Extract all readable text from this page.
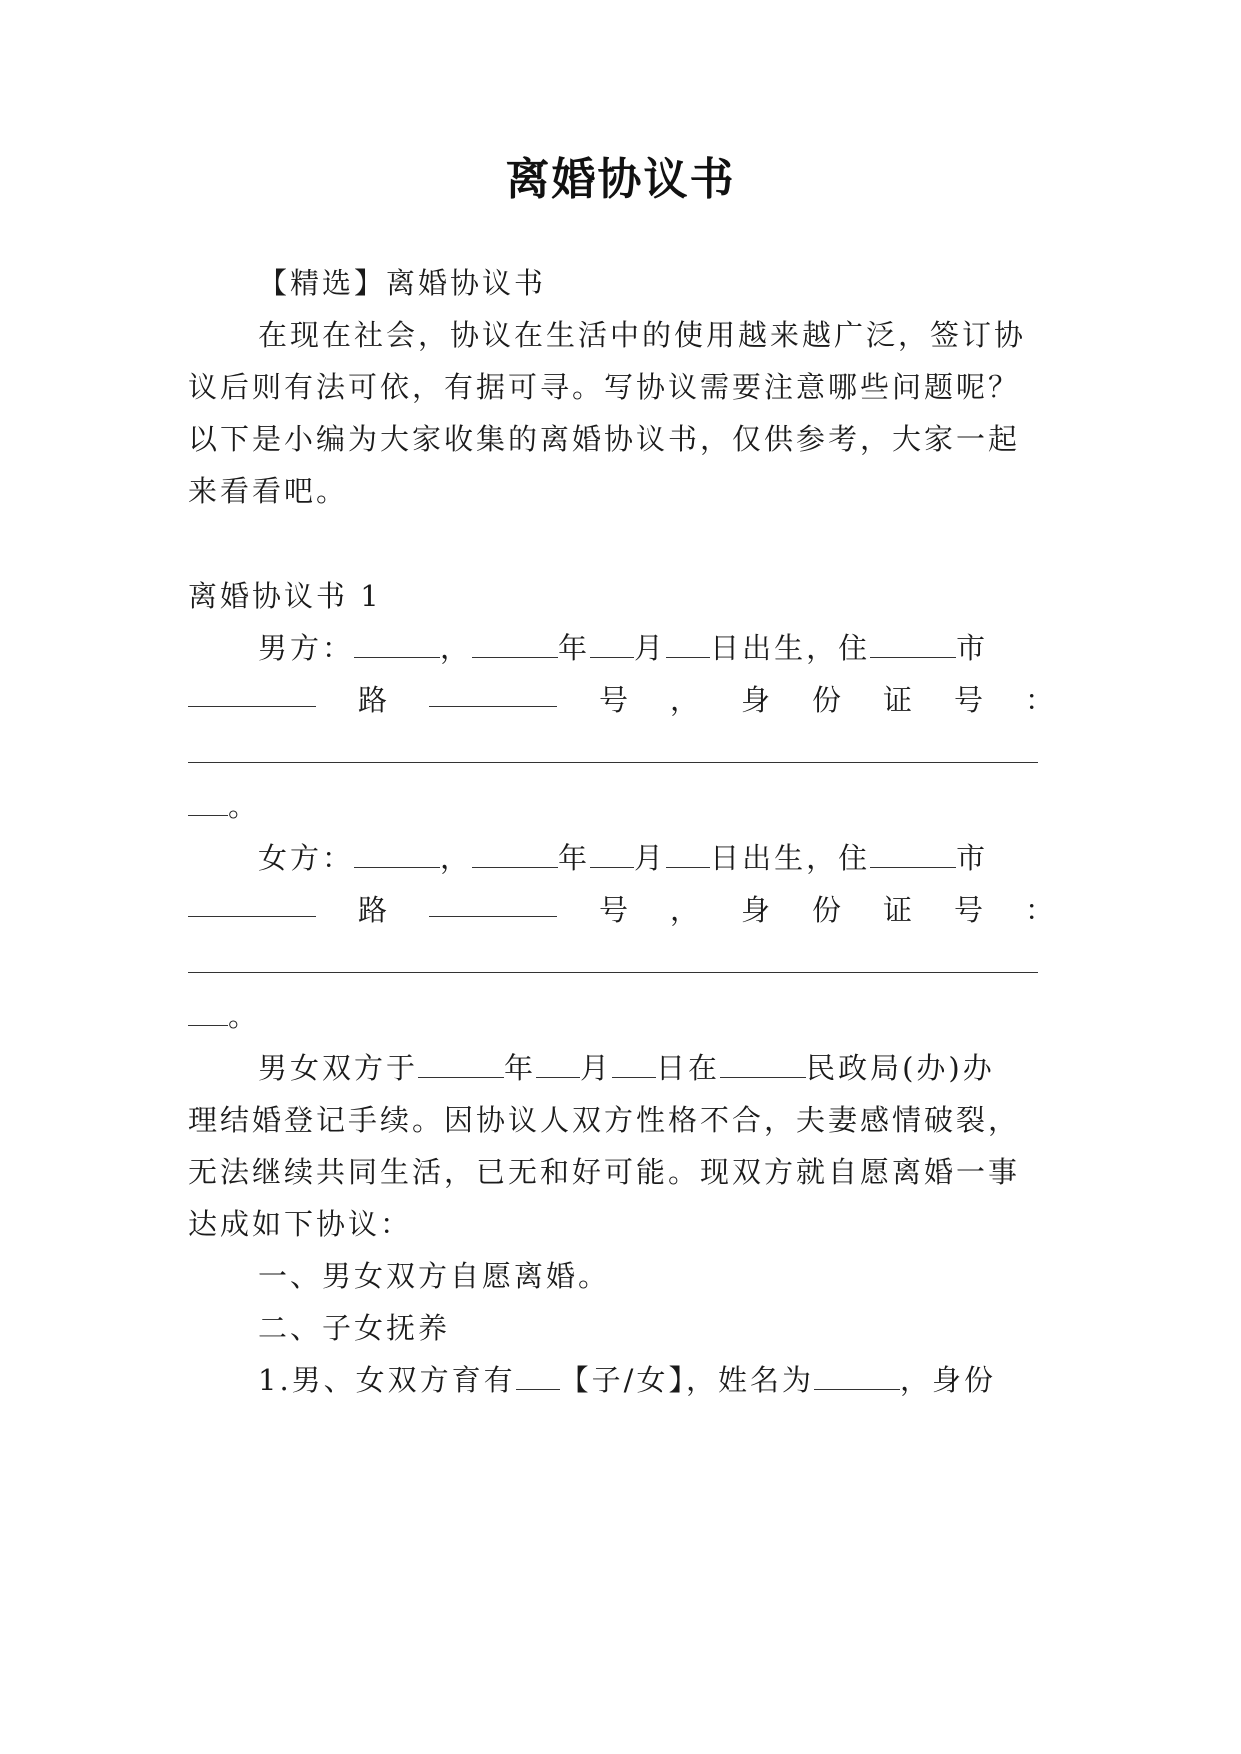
离婚协议书
【精选】离婚协议书
在现在社会，协议在生活中的使用越来越广泛，签订协
议后则有法可依，有据可寻。写协议需要注意哪些问题呢？
以下是小编为大家收集的离婚协议书，仅供参考，大家一起
来看看吧。
离婚协议书 1
男方：	，	年 月 日出生，住	市
路	号 ， 身 份 证 号 ：
。
女方：	，	年 月 日出生，住	市
路	号 ， 身 份 证 号 ：
。
男女双方于	年 月 日在	民政局(办)办
理结婚登记手续。因协议人双方性格不合，夫妻感情破裂，
无法继续共同生活，已无和好可能。现双方就自愿离婚一事
达成如下协议：
一、男女双方自愿离婚。
二、子女抚养
1.男、女双方育有 【子/女】，姓名为	，身份
